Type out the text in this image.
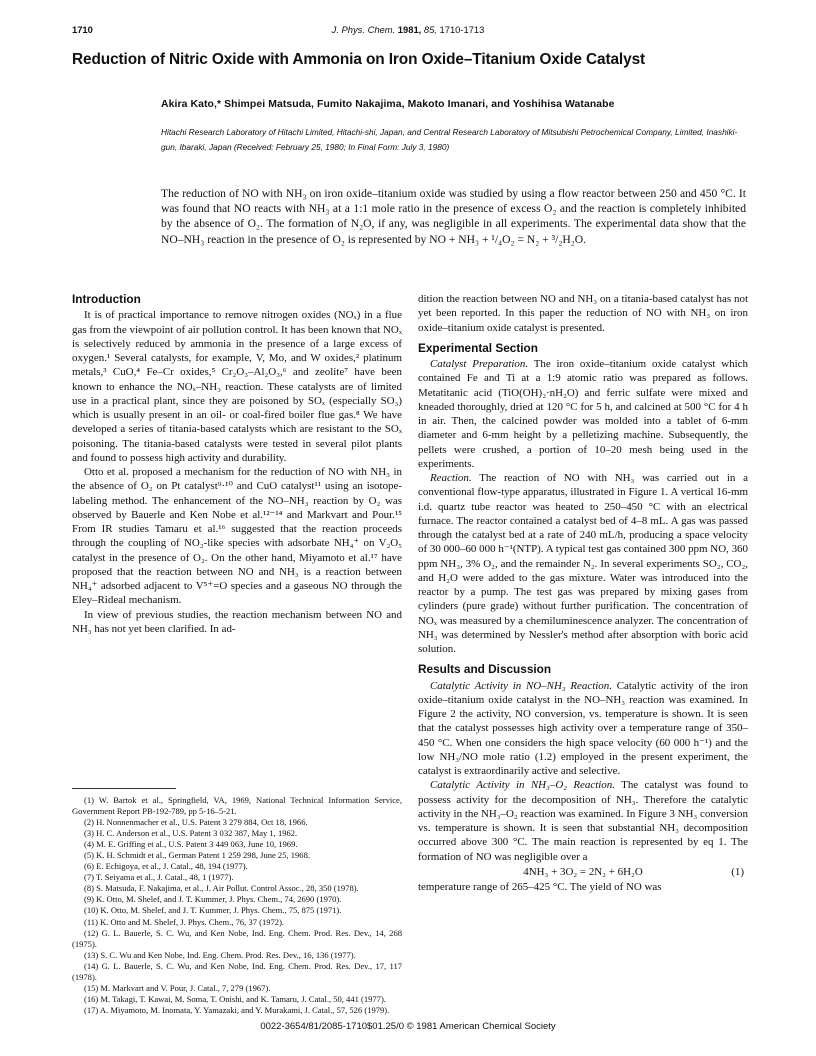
1710	J. Phys. Chem. 1981, 85, 1710-1713
Reduction of Nitric Oxide with Ammonia on Iron Oxide–Titanium Oxide Catalyst
Akira Kato,* Shimpei Matsuda, Fumito Nakajima, Makoto Imanari, and Yoshihisa Watanabe
Hitachi Research Laboratory of Hitachi Limited, Hitachi-shi, Japan, and Central Research Laboratory of Mitsubishi Petrochemical Company, Limited, Inashiki-gun, Ibaraki, Japan (Received: February 25, 1980; In Final Form: July 3, 1980)
The reduction of NO with NH₃ on iron oxide–titanium oxide was studied by using a flow reactor between 250 and 450 °C. It was found that NO reacts with NH₃ at a 1:1 mole ratio in the presence of excess O₂ and the reaction is completely inhibited by the absence of O₂. The formation of N₂O, if any, was negligible in all experiments. The experimental data show that the NO–NH₃ reaction in the presence of O₂ is represented by NO + NH₃ + ¹/₄O₂ = N₂ + ³/₂H₂O.
Introduction

It is of practical importance to remove nitrogen oxides (NOₓ) in a flue gas from the viewpoint of air pollution control. It has been known that NOₓ is selectively reduced by ammonia in the presence of a large excess of oxygen.¹ Several catalysts, for example, V, Mo, and W oxides,² platinum metals,³ CuO,⁴ Fe–Cr oxides,⁵ Cr₂O₃–Al₂O₃,⁶ and zeolite⁷ have been known to enhance the NOₓ–NH₃ reaction. These catalysts are of limited use in a practical plant, since they are poisoned by SOₓ (especially SO₃) which is usually present in an oil- or coal-fired boiler flue gas.⁸ We have developed a series of titania-based catalysts which are resistant to the SOₓ poisoning. The titania-based catalysts were tested in several pilot plants and found to possess high activity and durability.

Otto et al. proposed a mechanism for the reduction of NO with NH₃ in the absence of O₂ on Pt catalyst⁹·¹⁰ and CuO catalyst¹¹ using an isotope-labeling method. The enhancement of the NO–NH₃ reaction by O₂ was observed by Bauerle and Ken Nobe et al.¹²⁻¹⁴ and Markvart and Pour.¹⁵ From IR studies Tamaru et al.¹⁶ suggested that the reaction proceeds through the coupling of NO₂-like species with adsorbate NH₄⁺ on V₂O₅ catalyst in the presence of O₂. On the other hand, Miyamoto et al.¹⁷ have proposed that the reaction between NO and NH₃ is a reaction between NH₄⁺ adsorbed adjacent to V⁵⁺=O species and a gaseous NO through the Eley–Rideal mechanism.

In view of previous studies, the reaction mechanism between NO and NH₃ has not yet been clarified. In ad-

(1) W. Bartok et al., Springfield, VA, 1969, National Technical Information Service, Government Report PB-192-789, pp 5-16–5-21.
(2) H. Nonnenmacher et al., U.S. Patent 3 279 884, Oct 18, 1966.
(3) H. C. Anderson et al., U.S. Patent 3 032 387, May 1, 1962.
(4) M. E. Griffing et al., U.S. Patent 3 449 063, June 10, 1969.
(5) K. H. Schmidt et al., German Patent 1 259 298, June 25, 1968.
(6) E. Echigoya, et al., J. Catal., 48, 194 (1977).
(7) T. Seiyama et al., J. Catal., 48, 1 (1977).
(8) S. Matsuda, F. Nakajima, et al., J. Air Pollut. Control Assoc., 28, 350 (1978).
(9) K. Otto, M. Shelef, and J. T. Kummer, J. Phys. Chem., 74, 2690 (1970).
(10) K. Otto, M. Shelef, and J. T. Kummer, J. Phys. Chem., 75, 875 (1971).
(11) K. Otto and M. Shelef, J. Phys. Chem., 76, 37 (1972).
(12) G. L. Bauerle, S. C. Wu, and Ken Nobe, Ind. Eng. Chem. Prod. Res. Dev., 14, 268 (1975).
(13) S. C. Wu and Ken Nobe, Ind. Eng. Chem. Prod. Res. Dev., 16, 136 (1977).
(14) G. L. Bauerle, S. C. Wu, and Ken Nobe, Ind. Eng. Chem. Prod. Res. Dev., 17, 117 (1978).
(15) M. Markvart and V. Pour, J. Catal., 7, 279 (1967).
(16) M. Takagi, T. Kawai, M. Soma, T. Onishi, and K. Tamaru, J. Catal., 50, 441 (1977).
(17) A. Miyamoto, M. Inomata, Y. Yamazaki, and Y. Murakami, J. Catal., 57, 526 (1979).

dition the reaction between NO and NH₃ on a titania-based catalyst has not yet been reported. In this paper the reduction of NO with NH₃ on iron oxide–titanium oxide catalyst is presented.

Experimental Section

Catalyst Preparation. The iron oxide–titanium oxide catalyst which contained Fe and Ti at a 1:9 atomic ratio was prepared as follows. Metatitanic acid (TiO(OH)₂·nH₂O) and ferric sulfate were mixed and kneaded thoroughly, dried at 120 °C for 5 h, and calcined at 500 °C for 4 h in air. Then, the calcined powder was molded into a tablet of 6-mm diameter and 6-mm height by a pelletizing machine. Subsequently, the pellets were crushed, a portion of 10–20 mesh being used in the experiments.

Reaction. The reaction of NO with NH₃ was carried out in a conventional flow-type apparatus, illustrated in Figure 1. A vertical 16-mm i.d. quartz tube reactor was heated to 250–450 °C with an electrical furnace. The reactor contained a catalyst bed of 4–8 mL. A gas was passed through the catalyst bed at a rate of 240 mL/h, producing a space velocity of 30 000–60 000 h⁻¹(NTP). A typical test gas contained 300 ppm NO, 360 ppm NH₃, 3% O₂, and the remainder N₂. In several experiments SO₂, CO₂, and H₂O were added to the gas mixture. Water was introduced into the reactor by a pump. The test gas was prepared by mixing gases from cylinders (pure grade) without further purification. The concentration of NOₓ was measured by a chemiluminescence analyzer. The concentration of NH₃ was determined by Nessler's method after absorption with boric acid solution.

Results and Discussion

Catalytic Activity in NO–NH₃ Reaction. Catalytic activity of the iron oxide–titanium oxide catalyst in the NO–NH₃ reaction was examined. In Figure 2 the activity, NO conversion, vs. temperature is shown. It is seen that the catalyst possesses high activity over a temperature range of 350–450 °C. When one considers the high space velocity (60 000 h⁻¹) and the low NH₃/NO mole ratio (1.2) employed in the present experiment, the catalyst is extraordinarily active and selective.

Catalytic Activity in NH₃–O₂ Reaction. The catalyst was found to possess activity for the decomposition of NH₃. Therefore the catalytic activity in the NH₃–O₂ reaction was examined. In Figure 3 NH₃ conversion vs. temperature is shown. It is seen that substantial NH₃ decomposition occurred above 300 °C. The main reaction is represented by eq 1. The formation of NO was negligible over a

4NH₃ + 3O₂ = 2N₂ + 6H₂O	(1)

temperature range of 265–425 °C. The yield of NO was

0022-3654/81/2085-1710$01.25/0 © 1981 American Chemical Society
